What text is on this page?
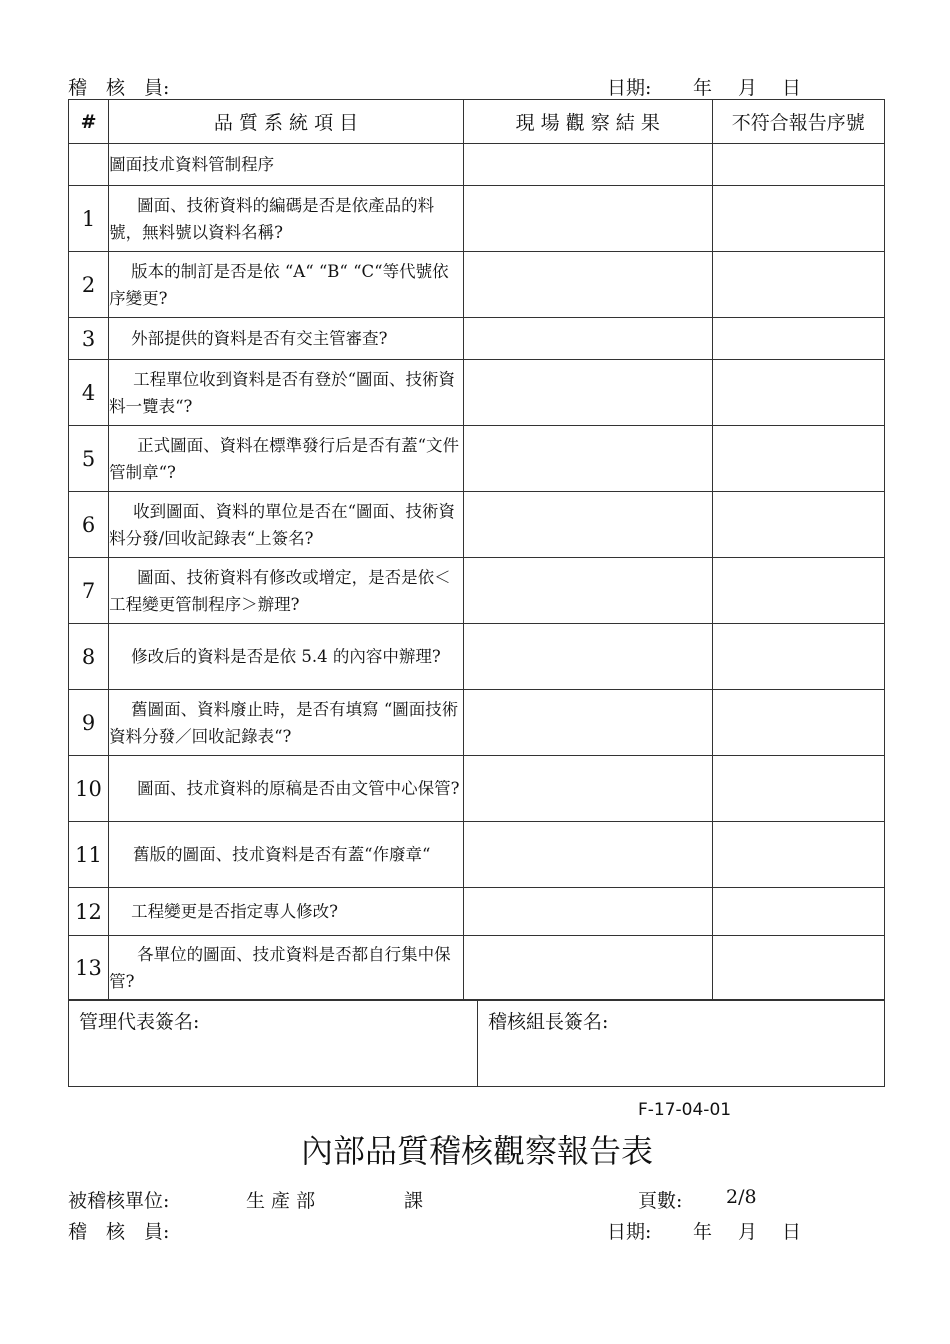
稽　核　員:	日期: 年 月 日
#	品 質 系 統 項 目	現 場 觀 察 結 果	不符合報告序號
	圖面技朮資料管制程序		
1	圖面、技術資料的編碼是否是依產品的料號，無料號以資料名稱?		
2	版本的制訂是否是依 “A“ “B“ “C“等代號依序變更?		
3	外部提供的資料是否有交主管審查?		
4	工程單位收到資料是否有登於“圖面、技術資料一覽表“?		
5	正式圖面、資料在標準發行后是否有蓋“文件管制章“?		
6	收到圖面、資料的單位是否在“圖面、技術資料分發/回收記錄表“上簽名?		
7	圖面、技術資料有修改或增定，是否是依＜工程變更管制程序＞辦理?		
8	修改后的資料是否是依 5.4 的內容中辦理?		
9	舊圖面、資料廢止時，是否有填寫 “圖面技術資料分發／回收記錄表“?		
10	圖面、技朮資料的原稿是否由文管中心保管?		
11	舊版的圖面、技朮資料是否有蓋“作廢章“		
12	工程變更是否指定專人修改?		
13	各單位的圖面、技朮資料是否都自行集中保管?		
管理代表簽名:	稽核組長簽名:
F-17-04-01
內部品質稽核觀察報告表
被稽核單位:	生 產 部	課	頁數: 2/8
稽　核　員:	日期: 年 月 日
